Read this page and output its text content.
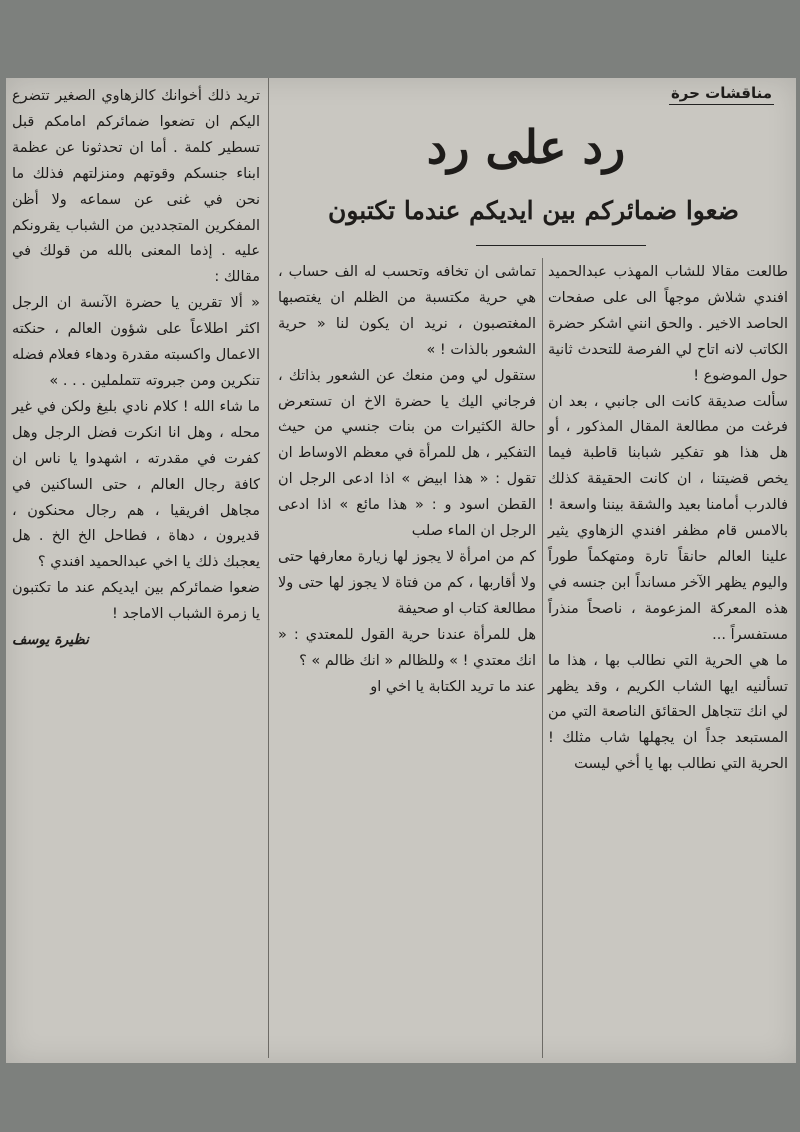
مناقشات حرة
رد على رد
ضعوا ضمائركم بين ايديكم عندما تكتبون

طالعت مقالا للشاب المهذب عبدالحميد افندي شلاش موجهاً الى على صفحات الحاصد الاخير . والحق انني اشكر حضرة الكاتب لانه اتاح لي الفرصة للتحدث ثانية حول الموضوع !

سألت صديقة كانت الى جانبي ، بعد ان فرغت من مطالعة المقال المذكور ، أو هل هذا هو تفكير شبابنا قاطبة فيما يخص قضيتنا ، ان كانت الحقيقة كذلك فالدرب أمامنا بعيد والشقة بيننا واسعة ! بالامس قام مظفر افندي الزهاوي يثير علينا العالم حانقاً تارة ومتهكماً طوراً واليوم يظهر الآخر مسانداً ابن جنسه في هذه المعركة المزعومة ، ناصحاً منذراً مستفسراً ...

ما هي الحرية التي نطالب بها ، هذا ما تسألنيه ايها الشاب الكريم ، وقد يظهر لي انك تتجاهل الحقائق الناصعة التي من المستبعد جداً ان يجهلها شاب مثلك ! الحرية التي نطالب بها يا أخي ليست

تماشى ان تخافه وتحسب له الف حساب ، هي حرية مكتسبة من الظلم ان يغتصبها المغتصبون ، نريد ان يكون لنا « حرية الشعور بالذات ! »

ستقول لي ومن منعك عن الشعور بذاتك ، فرجاني اليك يا حضرة الاخ ان تستعرض حالة الكثيرات من بنات جنسي من حيث التفكير ، هل للمرأة في معظم الاوساط ان تقول : « هذا ابيض » اذا ادعى الرجل ان القطن اسود و : « هذا مائع » اذا ادعى الرجل ان الماء صلب

كم من امرأة لا يجوز لها زيارة معارفها حتى ولا أقاربها ، كم من فتاة لا يجوز لها حتى ولا مطالعة كتاب او صحيفة

هل للمرأة عندنا حرية القول للمعتدي : « انك معتدي ! » وللظالم « انك ظالم » ؟

عند ما تريد الكتابة يا اخي او

تريد ذلك أخوانك كالزهاوي الصغير تتضرع اليكم ان تضعوا ضمائركم امامكم قبل تسطير كلمة . أما ان تحدثونا عن عظمة ابناء جنسكم وقوتهم ومنزلتهم فذلك ما نحن في غنى عن سماعه ولا أظن المفكرين المتجددين من الشباب يقرونكم عليه . إذما المعنى بالله من قولك في مقالك :

« ألا تقرين يا حضرة الآنسة ان الرجل اكثر اطلاعاً على شؤون العالم ، حنكته الاعمال واكسبته مقدرة ودهاء فعلام فضله تنكرين ومن جبروته تتململين . . . »

ما شاء الله ! كلام نادي بليغ ولكن في غير محله ، وهل انا انكرت فضل الرجل وهل كفرت في مقدرته ، اشهدوا يا ناس ان كافة رجال العالم ، حتى الساكنين في مجاهل افريقيا ، هم رجال محنكون ، قديرون ، دهاة ، فطاحل الخ الخ . هل يعجبك ذلك يا اخي عبدالحميد افندي ؟

ضعوا ضمائركم بين ايديكم عند ما تكتبون يا زمرة الشباب الاماجد !

نظيرة يوسف
